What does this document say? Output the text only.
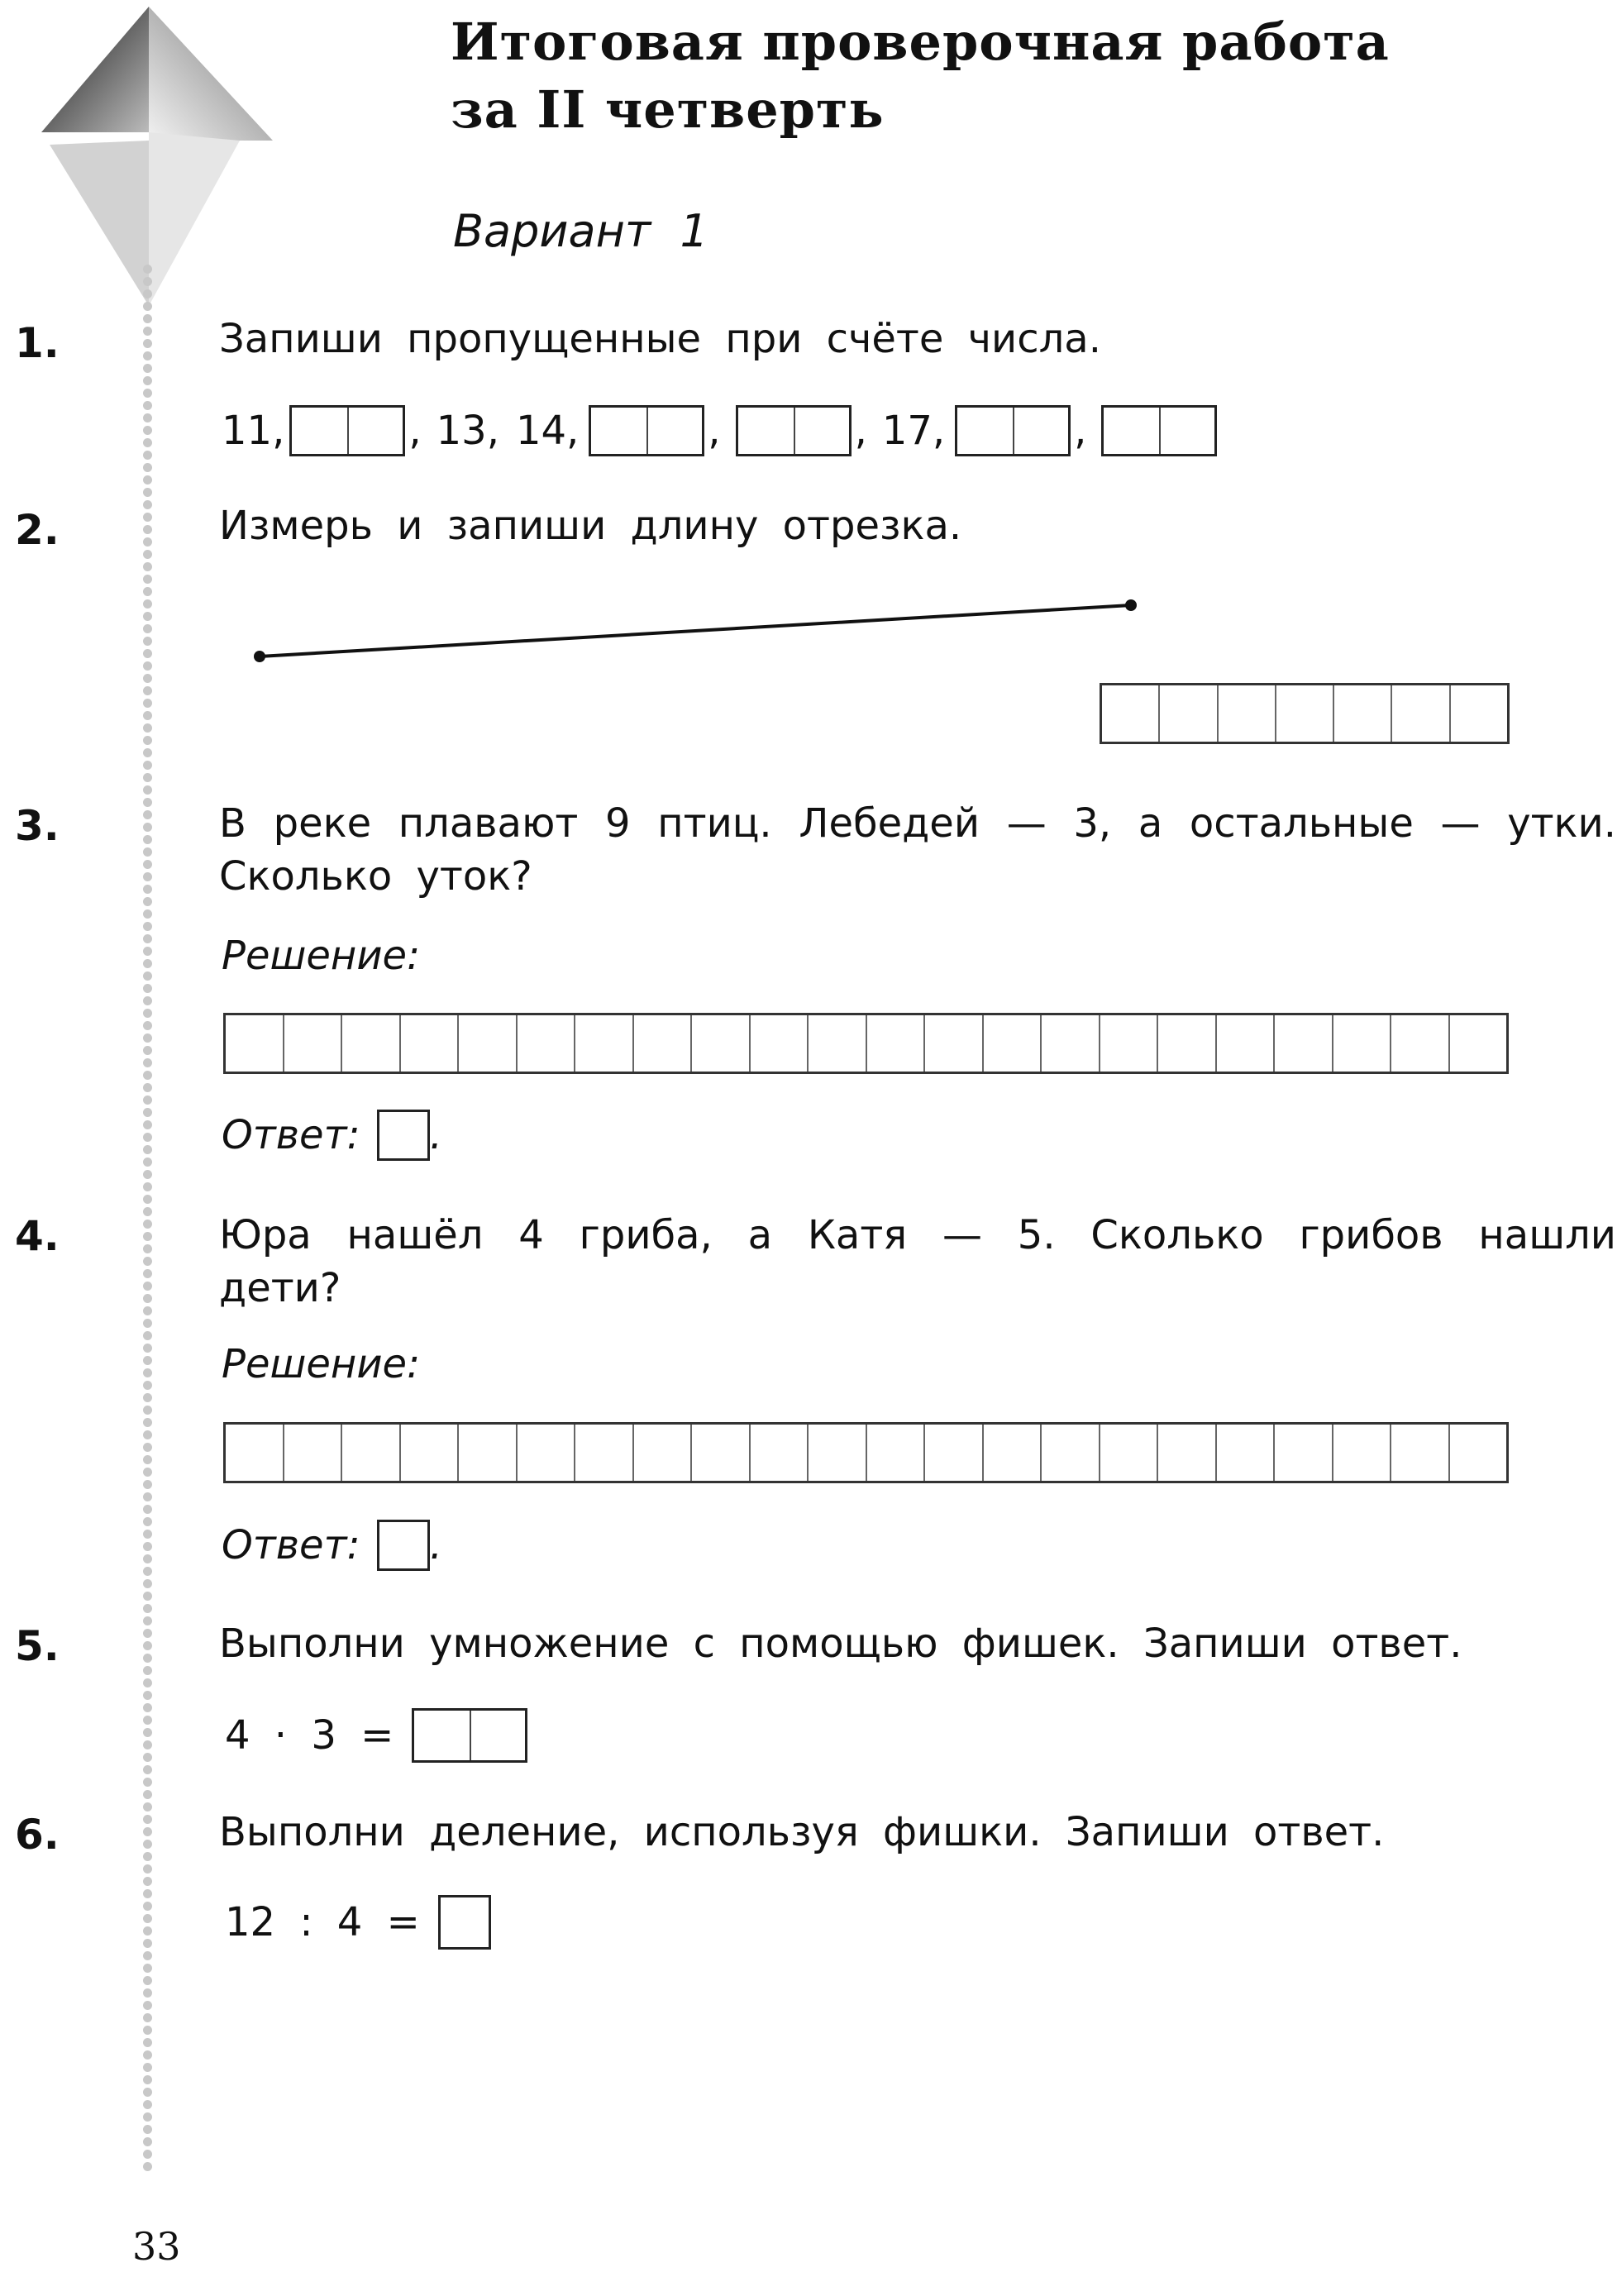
Итоговая проверочная работа
за II четверть
Вариант 1
1.	Запиши пропущенные при счёте числа.
11,	, 13, 14,	,	, 17,	,
2.	Измерь и запиши длину отрезка.
3.	В реке плавают 9 птиц. Лебедей — 3, а остальные — утки. Сколько уток?
Решение:
Ответ: .
4.	Юра нашёл 4 гриба, а Катя — 5. Сколько грибов нашли дети?
Решение:
Ответ: .
5.	Выполни умножение с помощью фишек. Запиши ответ.
4 · 3 =
6.	Выполни деление, используя фишки. Запиши ответ.
12 : 4 =
33
